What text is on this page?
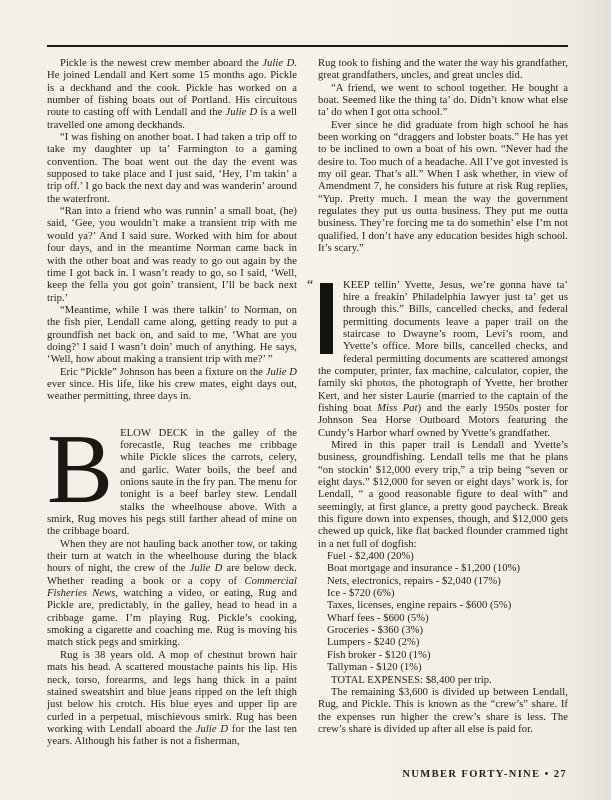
Pickle is the newest crew member aboard the Julie D. He joined Lendall and Kert some 15 months ago. Pickle is a deckhand and the cook. Pickle has worked on a number of fishing boats out of Portland. His circuitous route to casting off with Lendall and the Julie D is a well travelled one among deckhands.

“I was fishing on another boat. I had taken a trip off to take my daughter up ta’ Farmington to a gaming convention. The boat went out the day the event was supposed to take place and I just said, ‘Hey, I’m takin’ a trip off.’ I go back the next day and was wanderin’ around the waterfront.

“Ran into a friend who was runnin’ a small boat, (he) said, ‘Gee, you wouldn’t make a transient trip with me would ya?’ And I said sure. Worked with him for about four days, and in the meantime Norman came back in with the other boat and was ready to go out again by the time I got back in. I wasn’t ready to go, so I said, ‘Well, keep the fella you got goin’ transient, I’ll be back next trip.’

“Meantime, while I was there talkin’ to Norman, on the fish pier, Lendall came along, getting ready to put a groundfish net back on, and said to me, ‘What are you doing?’ I said I wasn’t doin’ much of anything. He says, ‘Well, how about making a transient trip with me?’ ”

Eric “Pickle” Johnson has been a fixture on the Julie D ever since. His life, like his crew mates, eight days out, weather permitting, three days in.

BELOW DECK in the galley of the forecastle, Rug teaches me cribbage while Pickle slices the carrots, celery, and garlic. Water boils, the beef and onions saute in the fry pan. The menu for tonight is a beef barley stew. Lendall stalks the wheelhouse above. With a smirk, Rug moves his pegs still farther ahead of mine on the cribbage board.

When they are not hauling back another tow, or taking their turn at watch in the wheelhouse during the black hours of night, the crew of the Julie D are below deck. Whether reading a book or a copy of Commercial Fisheries News, watching a video, or eating, Rug and Pickle are, predictably, in the galley, head to head in a cribbage game. I’m playing Rug. Pickle’s cooking, smoking a cigarette and coaching me. Rug is moving his match stick pegs and smirking.

Rug is 38 years old. A mop of chestnut brown hair mats his head. A scattered moustache paints his lip. His neck, torso, forearms, and legs hang thick in a paint stained sweatshirt and blue jeans ripped on the left thigh just below his crotch. His blue eyes and upper lip are curled in a perpetual, mischievous smirk. Rug has been working with Lendall aboard the Julie D for the last ten years. Although his father is not a fisherman,

Rug took to fishing and the water the way his grandfather, great grandfathers, uncles, and great uncles did.

“A friend, we went to school together. He bought a boat. Seemed like the thing ta’ do. Didn’t know what else ta’ do when I got otta school.”

Ever since he did graduate from high school he has been working on “draggers and lobster boats.” He has yet to be inclined to own a boat of his own. “Never had the desire to. Too much of a headache. All I’ve got invested is my oil gear. That’s all.” When I ask whether, in view of Amendment 7, he considers his future at risk Rug replies, “Yup. Pretty much. I mean the way the government regulates they put us outta business. They put me outta business. They’re forcing me ta do somethin’ else I’m not qualified. I don’t have any education besides high school. It’s scary.”

“	KEEP tellin’ Yvette, Jesus, we’re gonna have ta’ hire a freakin’ Philadelphia lawyer just ta’ get us through this.” Bills, cancelled checks, and federal permitting documents leave a paper trail on the staircase to Dwayne’s room, Levi’s room, and Yvette’s office. More bills, cancelled checks, and federal permitting documents are scattered amongst the computer, printer, fax machine, calculator, copier, the family ski photos, the photograph of Yvette, her brother Kert, and her sister Laurie (married to the captain of the fishing boat Miss Pat) and the early 1950s poster for Johnson Sea Horse Outboard Motors featuring the Cundy’s Harbor wharf owned by Yvette’s grandfather.

Mired in this paper trail is Lendall and Yvette’s business, groundfishing. Lendall tells me that he plans “on stockin’ $12,000 every trip,” a trip being “seven or eight days.” $12,000 for seven or eight days’ work is, for Lendall, “ a good reasonable figure to deal with” and seemingly, at first glance, a pretty good paycheck. Break this figure down into expenses, though, and $12,000 gets chewed up quick, like flat backed flounder crammed tight in a net full of dogfish:

Fuel - $2,400 (20%)
Boat mortgage and insurance - $1,200 (10%)
Nets, electronics, repairs - $2,040 (17%)
Ice - $720 (6%)
Taxes, licenses, engine repairs - $600 (5%)
Wharf fees - $600 (5%)
Groceries - $360 (3%)
Lumpers - $240 (2%)
Fish broker - $120 (1%)
Tallyman - $120 (1%)
TOTAL EXPENSES: $8,400 per trip.

The remaining $3,600 is divided up between Lendall, Rug, and Pickle. This is known as the “crew’s” share. If the expenses run higher the crew’s share is less. The crew’s share is divided up after all else is paid for.

NUMBER FORTY-NINE • 27
